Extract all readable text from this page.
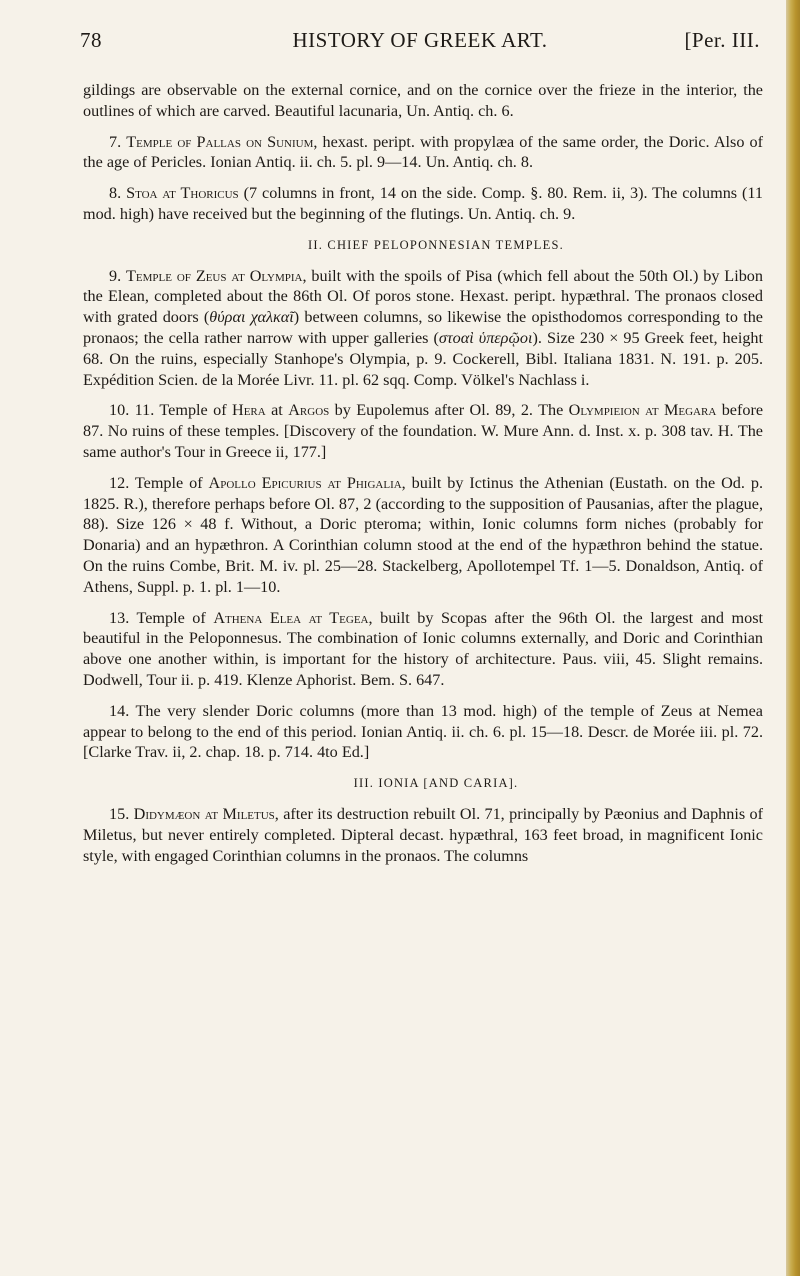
78	HISTORY OF GREEK ART.	[Per. III.

gildings are observable on the external cornice, and on the cornice over the frieze in the interior, the outlines of which are carved. Beautiful lacunaria, Un. Antiq. ch. 6.

7. Temple of Pallas on Sunium, hexast. peript. with propylæa of the same order, the Doric. Also of the age of Pericles. Ionian Antiq. ii. ch. 5. pl. 9—14. Un. Antiq. ch. 8.

8. Stoa at Thoricus (7 columns in front, 14 on the side. Comp. §. 80. Rem. ii, 3). The columns (11 mod. high) have received but the beginning of the flutings. Un. Antiq. ch. 9.

II. CHIEF PELOPONNESIAN TEMPLES.

9. Temple of Zeus at Olympia, built with the spoils of Pisa (which fell about the 50th Ol.) by Libon the Elean, completed about the 86th Ol. Of poros stone. Hexast. peript. hypæthral. The pronaos closed with grated doors (θύραι χαλκαῖ) between columns, so likewise the opisthodomos corresponding to the pronaos; the cella rather narrow with upper galleries (στοαὶ ὑπερῷοι). Size 230 × 95 Greek feet, height 68. On the ruins, especially Stanhope's Olympia, p. 9. Cockerell, Bibl. Italiana 1831. N. 191. p. 205. Expédition Scien. de la Morée Livr. 11. pl. 62 sqq. Comp. Völkel's Nachlass i.

10. 11. Temple of Hera at Argos by Eupolemus after Ol. 89, 2. The Olympieion at Megara before 87. No ruins of these temples. [Discovery of the foundation. W. Mure Ann. d. Inst. x. p. 308 tav. H. The same author's Tour in Greece ii, 177.]

12. Temple of Apollo Epicurius at Phigalia, built by Ictinus the Athenian (Eustath. on the Od. p. 1825. R.), therefore perhaps before Ol. 87, 2 (according to the supposition of Pausanias, after the plague, 88). Size 126 × 48 f. Without, a Doric pteroma; within, Ionic columns form niches (probably for Donaria) and an hypæthron. A Corinthian column stood at the end of the hypæthron behind the statue. On the ruins Combe, Brit. M. iv. pl. 25—28. Stackelberg, Apollotempel Tf. 1—5. Donaldson, Antiq. of Athens, Suppl. p. 1. pl. 1—10.

13. Temple of Athena Elea at Tegea, built by Scopas after the 96th Ol. the largest and most beautiful in the Peloponnesus. The combination of Ionic columns externally, and Doric and Corinthian above one another within, is important for the history of architecture. Paus. viii, 45. Slight remains. Dodwell, Tour ii. p. 419. Klenze Aphorist. Bem. S. 647.

14. The very slender Doric columns (more than 13 mod. high) of the temple of Zeus at Nemea appear to belong to the end of this period. Ionian Antiq. ii. ch. 6. pl. 15—18. Descr. de Morée iii. pl. 72. [Clarke Trav. ii, 2. chap. 18. p. 714. 4to Ed.]

III. IONIA [AND CARIA].

15. Didymæon at Miletus, after its destruction rebuilt Ol. 71, principally by Pæonius and Daphnis of Miletus, but never entirely completed. Dipteral decast. hypæthral, 163 feet broad, in magnificent Ionic style, with engaged Corinthian columns in the pronaos. The columns
